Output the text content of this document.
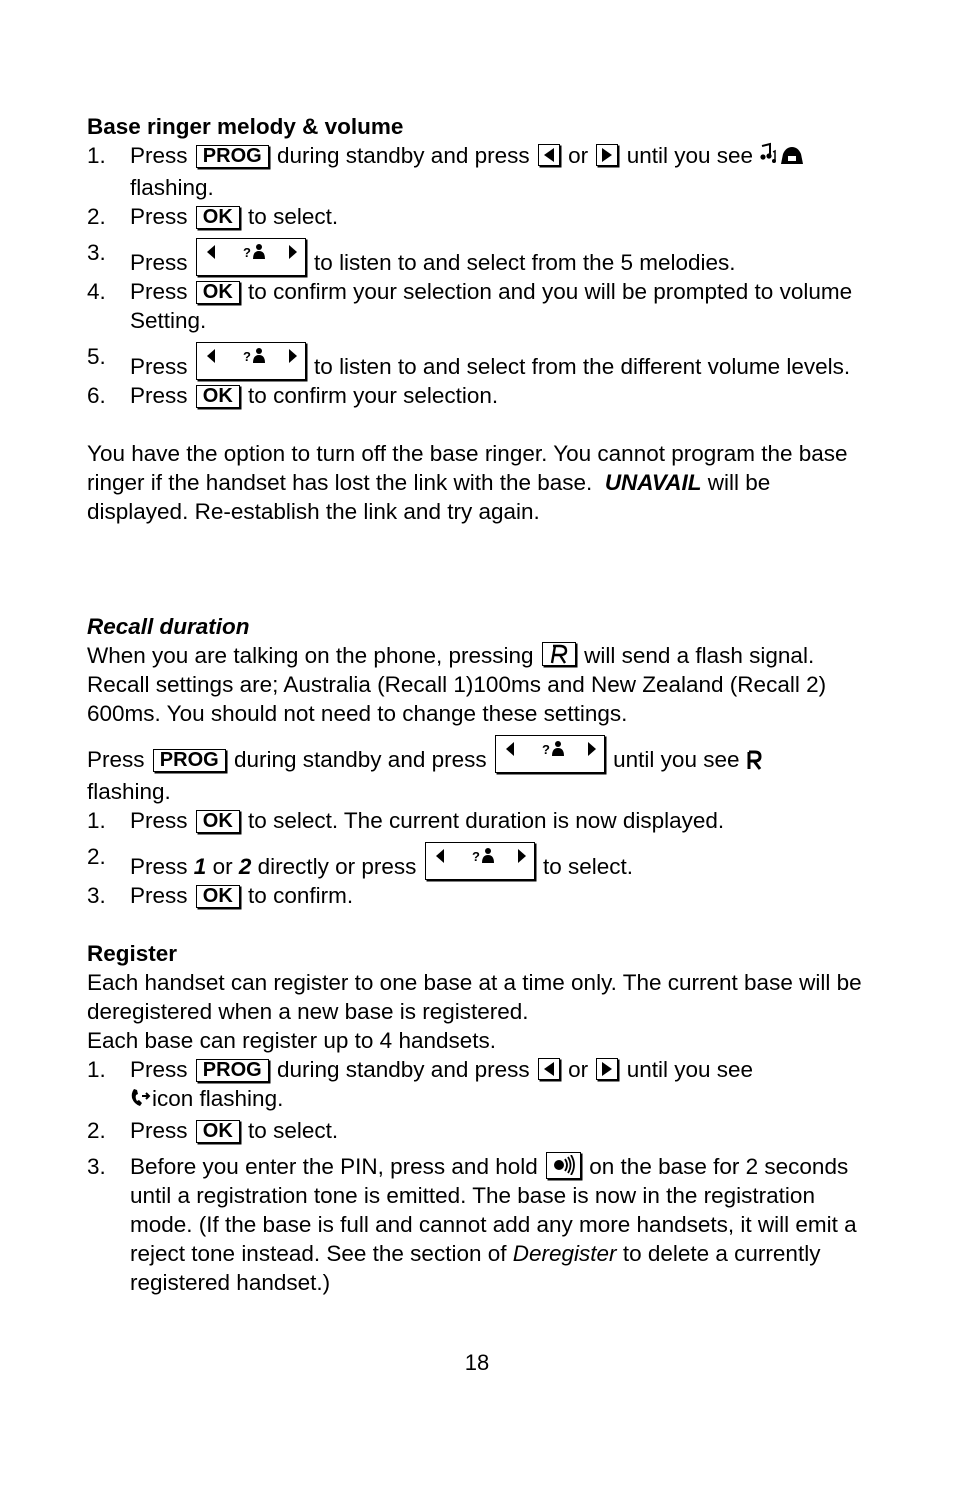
Base ringer melody & volume
1. Press PROG during standby and press or until you see
flashing.
2. Press OK to select.
3. Press	?	to listen to and select from the 5 melodies.
4. Press OK to confirm your selection and you will be prompted to volume Setting.
5. Press	?	to listen to and select from the different volume levels.
6. Press OK to confirm your selection.

You have the option to turn off the base ringer. You cannot program the base ringer if the handset has lost the link with the base. UNAVAIL will be displayed. Re-establish the link and try again.

Recall duration

When you are talking on the phone, pressing will send a flash signal. Recall settings are; Australia (Recall 1)100ms and New Zealand (Recall 2) 600ms. You should not need to change these settings.

Press PROG during standby and press	?	until you see
flashing.

1. Press OK to select. The current duration is now displayed.
2. Press 1 or 2 directly or press	?	to select.
3. Press OK to confirm.
Register

Each handset can register to one base at a time only. The current base will be deregistered when a new base is registered.

Each base can register up to 4 handsets.

1. Press PROG during standby and press or until you see
icon flashing.
2. Press OK to select.
3. Before you enter the PIN, press and hold on the base for 2 seconds until a registration tone is emitted. The base is now in the registration mode. (If the base is full and cannot add any more handsets, it will emit a reject tone instead. See the section of Deregister to delete a currently registered handset.)
18
